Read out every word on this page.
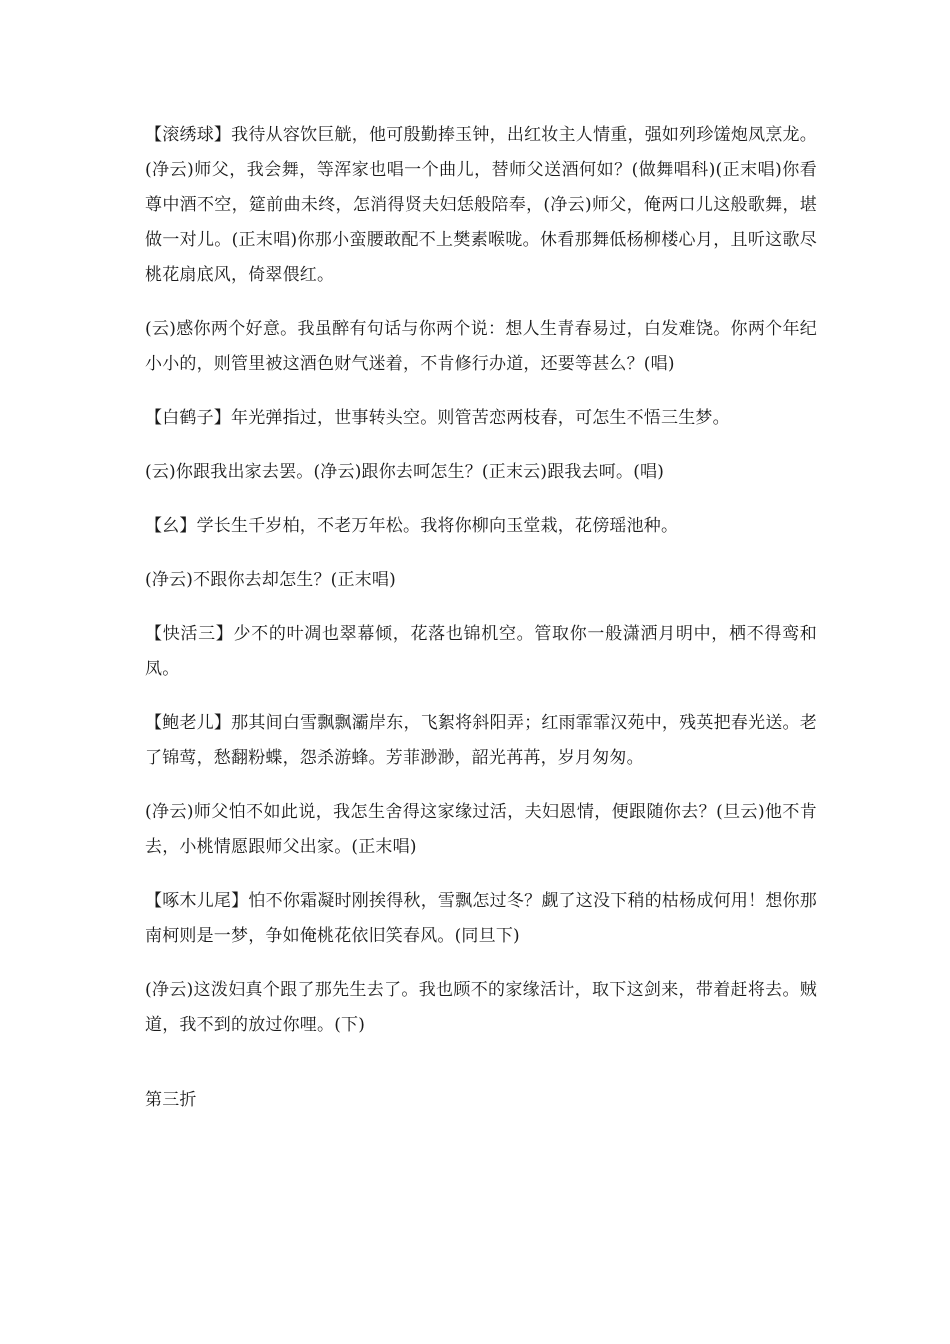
【滚绣球】我待从容饮巨觥，他可殷勤捧玉钟，出红妆主人情重，强如列珍馐炮凤烹龙。(净云)师父，我会舞，等浑家也唱一个曲儿，替师父送酒何如？(做舞唱科)(正末唱)你看尊中酒不空，筵前曲未终，怎消得贤夫妇恁般陪奉，(净云)师父，俺两口儿这般歌舞，堪做一对儿。(正末唱)你那小蛮腰敢配不上樊素喉咙。休看那舞低杨柳楼心月，且听这歌尽桃花扇底风，倚翠偎红。

(云)感你两个好意。我虽醉有句话与你两个说：想人生青春易过，白发难饶。你两个年纪小小的，则管里被这酒色财气迷着，不肯修行办道，还要等甚么？(唱)

【白鹤子】年光弹指过，世事转头空。则管苦恋两枝春，可怎生不悟三生梦。

(云)你跟我出家去罢。(净云)跟你去呵怎生？(正末云)跟我去呵。(唱)

【幺】学长生千岁柏，不老万年松。我将你柳向玉堂栽，花傍瑶池种。

(净云)不跟你去却怎生？(正末唱)

【快活三】少不的叶凋也翠幕倾，花落也锦机空。管取你一般潇洒月明中，栖不得鸾和凤。

【鲍老儿】那其间白雪飘飘灞岸东，飞絮将斜阳弄；红雨霏霏汉苑中，残英把春光送。老了锦莺，愁翻粉蝶，怨杀游蜂。芳菲渺渺，韶光苒苒，岁月匆匆。

(净云)师父怕不如此说，我怎生舍得这家缘过活，夫妇恩情，便跟随你去？(旦云)他不肯去，小桃情愿跟师父出家。(正末唱)

【啄木儿尾】怕不你霜凝时刚挨得秋，雪飘怎过冬？觑了这没下稍的枯杨成何用！想你那南柯则是一梦，争如俺桃花依旧笑春风。(同旦下)

(净云)这泼妇真个跟了那先生去了。我也顾不的家缘活计，取下这剑来，带着赶将去。贼道，我不到的放过你哩。(下)

第三折
